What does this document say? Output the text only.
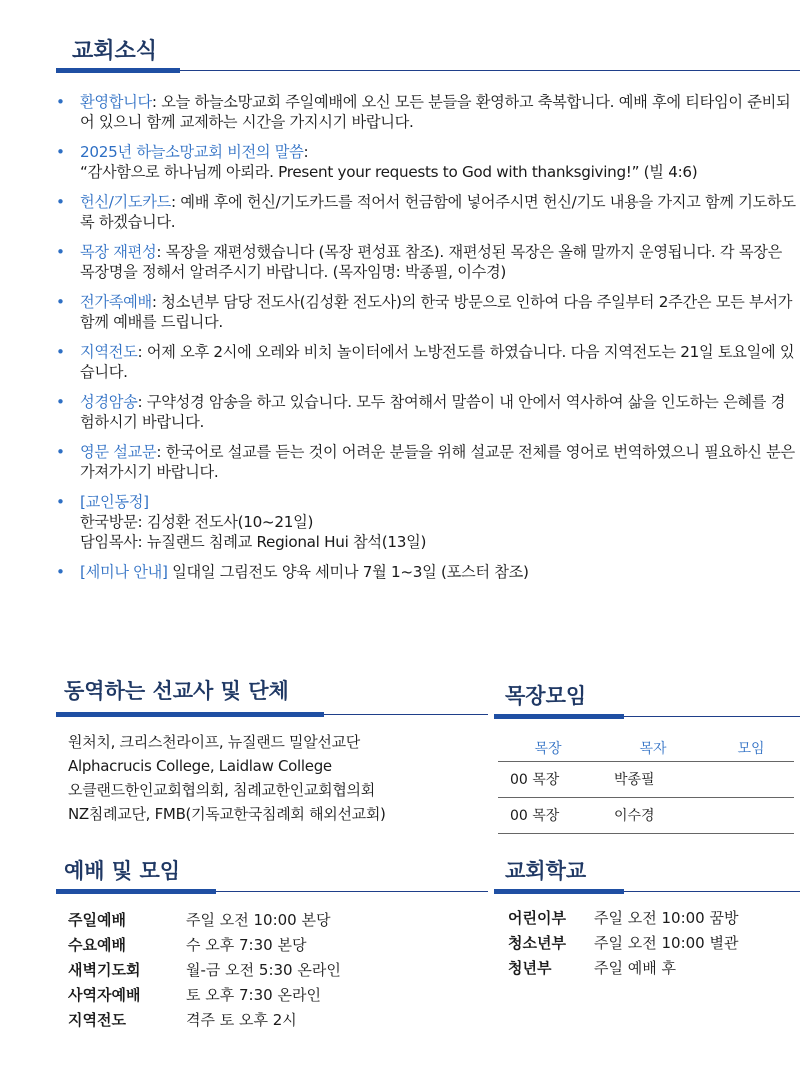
교회소식
• 환영합니다: 오늘 하늘소망교회 주일예배에 오신 모든 분들을 환영하고 축복합니다. 예배 후에 티타임이 준비되어 있으니 함께 교제하는 시간을 가지시기 바랍니다.
• 2025년 하늘소망교회 비전의 말씀:
“감사함으로 하나님께 아뢰라. Present your requests to God with thanksgiving!” (빌 4:6)
• 헌신/기도카드: 예배 후에 헌신/기도카드를 적어서 헌금함에 넣어주시면 헌신/기도 내용을 가지고 함께 기도하도록 하겠습니다.
• 목장 재편성: 목장을 재편성했습니다 (목장 편성표 참조). 재편성된 목장은 올해 말까지 운영됩니다. 각 목장은 목장명을 정해서 알려주시기 바랍니다. (목자임명: 박종필, 이수경)
• 전가족예배: 청소년부 담당 전도사(김성환 전도사)의 한국 방문으로 인하여 다음 주일부터 2주간은 모든 부서가 함께 예배를 드립니다.
• 지역전도: 어제 오후 2시에 오레와 비치 놀이터에서 노방전도를 하였습니다. 다음 지역전도는 21일 토요일에 있습니다.
• 성경암송: 구약성경 암송을 하고 있습니다. 모두 참여해서 말씀이 내 안에서 역사하여 삶을 인도하는 은혜를 경험하시기 바랍니다.
• 영문 설교문: 한국어로 설교를 듣는 것이 어려운 분들을 위해 설교문 전체를 영어로 번역하였으니 필요하신 분은 가져가시기 바랍니다.
• [교인동정]
한국방문: 김성환 전도사(10~21일)
담임목사: 뉴질랜드 침례교 Regional Hui 참석(13일)
• [세미나 안내] 일대일 그림전도 양육 세미나 7월 1~3일 (포스터 참조)
동역하는 선교사 및 단체
원처치, 크리스천라이프, 뉴질랜드 밀알선교단
Alphacrucis College, Laidlaw College
오클랜드한인교회협의회, 침례교한인교회협의회
NZ침례교단, FMB(기독교한국침례회 해외선교회)
목장모임
목장	목자	모임
00 목장	박종필	
00 목장	이수경	
예배 및 모임
주일예배	주일 오전 10:00 본당
수요예배	수 오후 7:30 본당
새벽기도회	월-금 오전 5:30 온라인
사역자예배	토 오후 7:30 온라인
지역전도	격주 토 오후 2시
교회학교
어린이부	주일 오전 10:00 꿈방
청소년부	주일 오전 10:00 별관
청년부	주일 예배 후
